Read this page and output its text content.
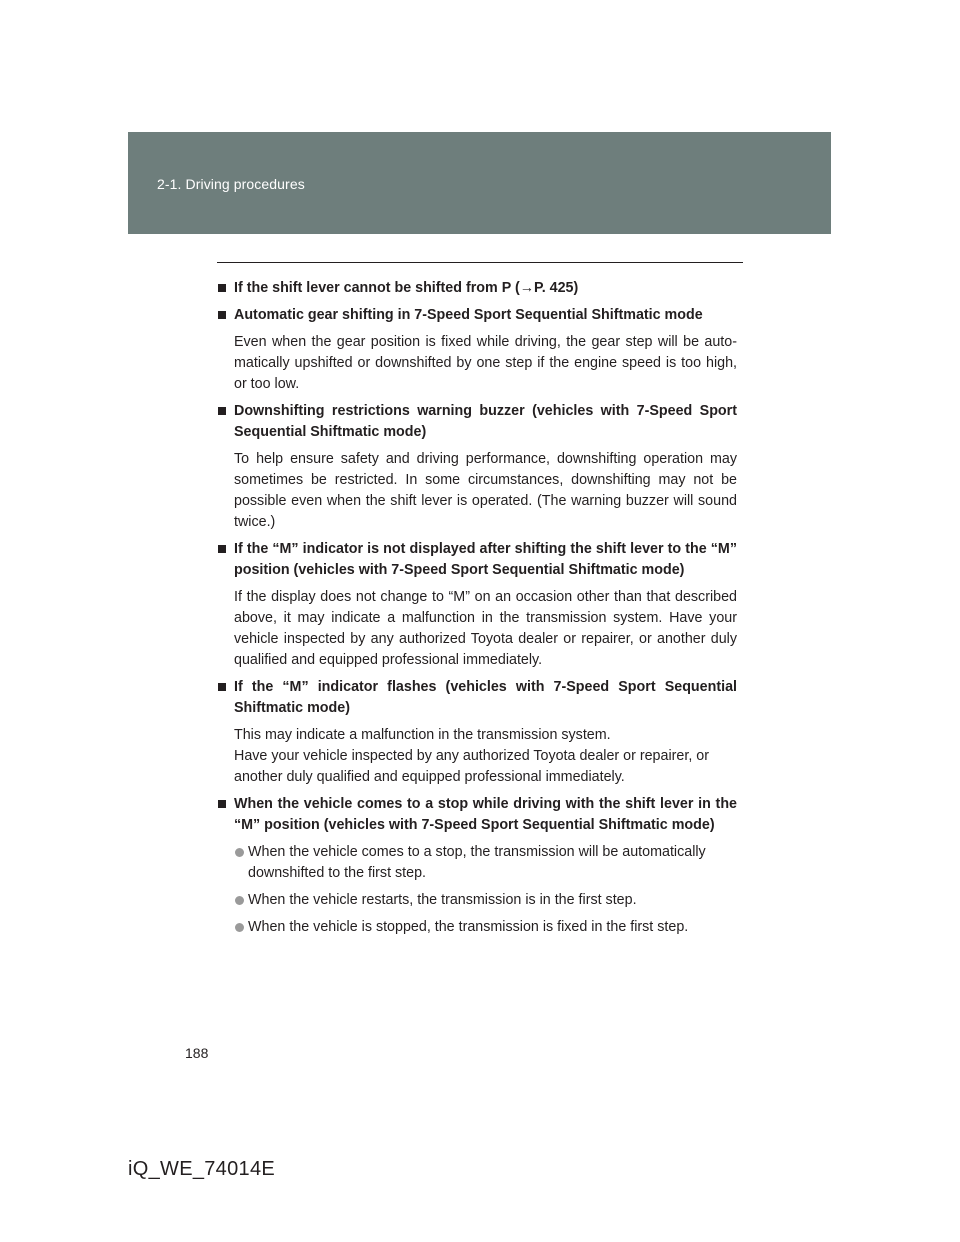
2-1. Driving procedures
If the shift lever cannot be shifted from P (→P. 425)
Automatic gear shifting in 7-Speed Sport Sequential Shiftmatic mode

Even when the gear position is fixed while driving, the gear step will be auto-matically upshifted or downshifted by one step if the engine speed is too high, or too low.

Downshifting restrictions warning buzzer (vehicles with 7-Speed Sport Sequential Shiftmatic mode)

To help ensure safety and driving performance, downshifting operation may sometimes be restricted. In some circumstances, downshifting may not be possible even when the shift lever is operated. (The warning buzzer will sound twice.)

If the “M” indicator is not displayed after shifting the shift lever to the “M” position (vehicles with 7-Speed Sport Sequential Shiftmatic mode)

If the display does not change to “M” on an occasion other than that described above, it may indicate a malfunction in the transmission system. Have your vehicle inspected by any authorized Toyota dealer or repairer, or another duly qualified and equipped professional immediately.

If the “M” indicator flashes (vehicles with 7-Speed Sport Sequential Shiftmatic mode)

This may indicate a malfunction in the transmission system.
Have your vehicle inspected by any authorized Toyota dealer or repairer, or another duly qualified and equipped professional immediately.

When the vehicle comes to a stop while driving with the shift lever in the “M” position (vehicles with 7-Speed Sport Sequential Shiftmatic mode)
When the vehicle comes to a stop, the transmission will be automatically downshifted to the first step.
When the vehicle restarts, the transmission is in the first step.
When the vehicle is stopped, the transmission is fixed in the first step.
188
iQ_WE_74014E
